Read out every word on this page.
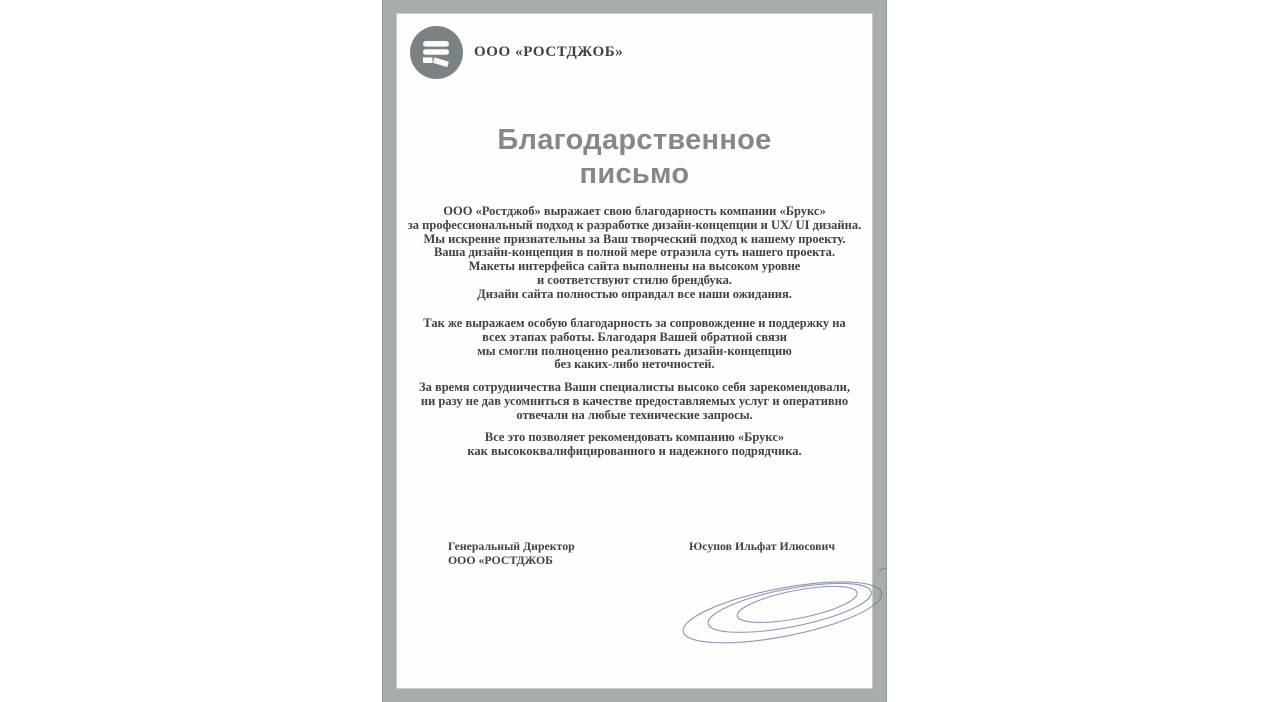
ООО «РОСТДЖОБ»
Благодарственное
письмо
ООО «Ростджоб» выражает свою благодарность компании «Брукс»
за профессиональный подход к разработке дизайн-концепции и UX/ UI дизайна.
Мы искренне признательны за Ваш творческий подход к нашему проекту.
Ваша дизайн-концепция в полной мере отразила суть нашего проекта.
Макеты интерфейса сайта выполнены на высоком уровне
и соответствуют стилю брендбука.
Дизайн сайта полностью оправдал все наши ожидания.
Так же выражаем особую благодарность за сопровождение и поддержку на
всех этапах работы. Благодаря Вашей обратной связи
мы смогли полноценно реализовать дизайн-концепцию
без каких-либо неточностей.
За время сотрудничества Ваши специалисты высоко себя зарекомендовали,
ни разу не дав усомниться в качестве предоставляемых услуг и оперативно
отвечали на любые технические запросы.
Все это позволяет рекомендовать компанию «Брукс»
как высококвалифицированного и надежного подрядчика.
Генеральный Директор
ООО «РОСТДЖОБ
Юсупов Ильфат Илюсович
